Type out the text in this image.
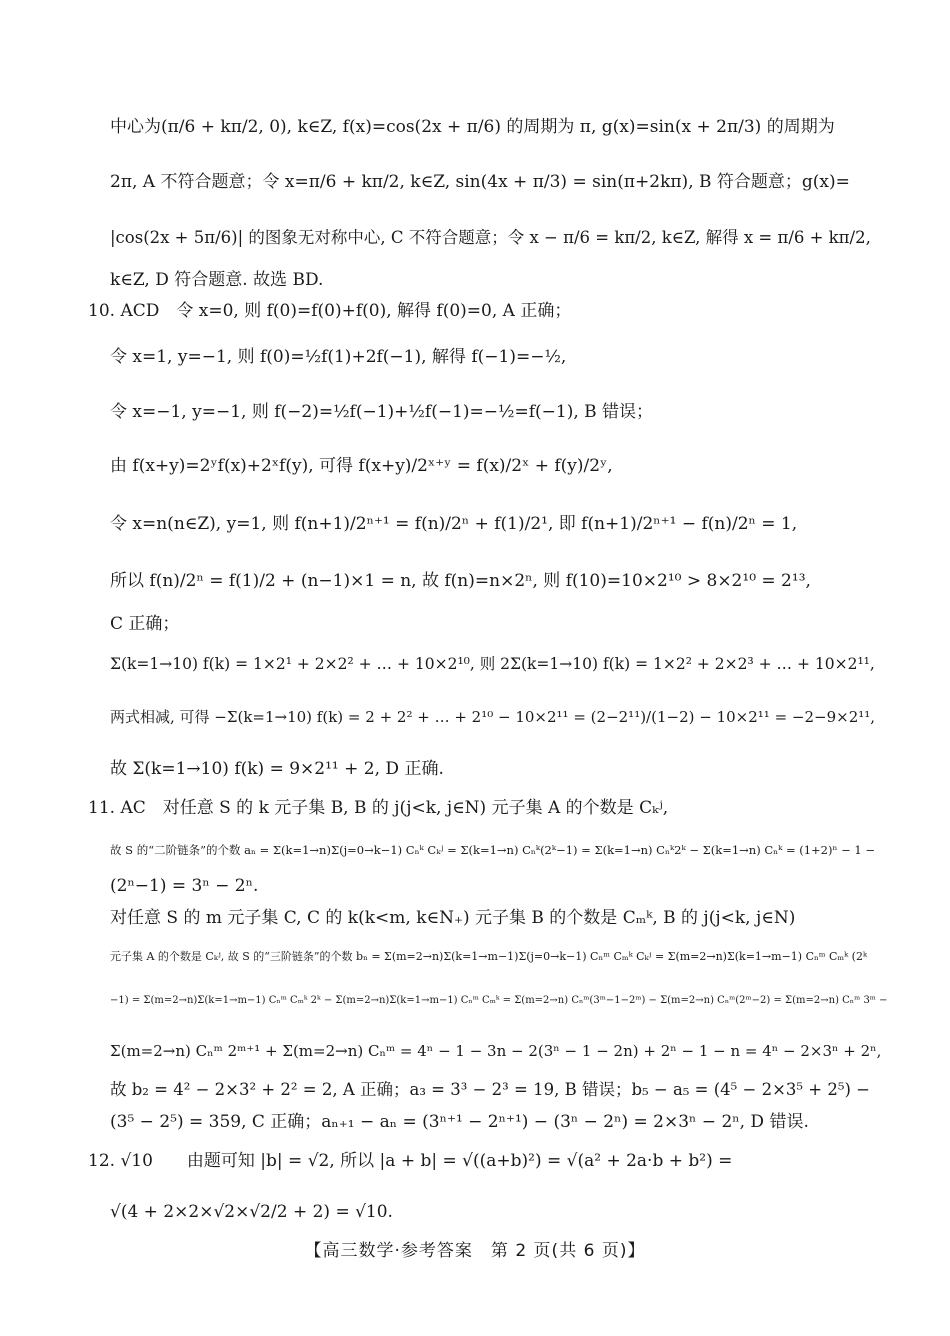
中心为(π/6 + kπ/2, 0), k∈Z, f(x)=cos(2x + π/6) 的周期为 π, g(x)=sin(x + 2π/3) 的周期为
2π, A 不符合题意；令 x=π/6 + kπ/2, k∈Z, sin(4x + π/3) = sin(π+2kπ), B 符合题意；g(x)=
|cos(2x + 5π/6)| 的图象无对称中心, C 不符合题意；令 x − π/6 = kπ/2, k∈Z, 解得 x = π/6 + kπ/2,
k∈Z, D 符合题意. 故选 BD.
10. ACD　令 x=0, 则 f(0)=f(0)+f(0), 解得 f(0)=0, A 正确；
令 x=1, y=−1, 则 f(0)=½f(1)+2f(−1), 解得 f(−1)=−½,
令 x=−1, y=−1, 则 f(−2)=½f(−1)+½f(−1)=−½=f(−1), B 错误；
由 f(x+y)=2ʸf(x)+2ˣf(y), 可得 f(x+y)/2ˣ⁺ʸ = f(x)/2ˣ + f(y)/2ʸ,
令 x=n(n∈Z), y=1, 则 f(n+1)/2ⁿ⁺¹ = f(n)/2ⁿ + f(1)/2¹, 即 f(n+1)/2ⁿ⁺¹ − f(n)/2ⁿ = 1,
所以 f(n)/2ⁿ = f(1)/2 + (n−1)×1 = n, 故 f(n)=n×2ⁿ, 则 f(10)=10×2¹⁰ > 8×2¹⁰ = 2¹³,
C 正确；
Σ(k=1→10) f(k) = 1×2¹ + 2×2² + … + 10×2¹⁰, 则 2Σ(k=1→10) f(k) = 1×2² + 2×2³ + … + 10×2¹¹,
两式相减, 可得 −Σ(k=1→10) f(k) = 2 + 2² + … + 2¹⁰ − 10×2¹¹ = (2−2¹¹)/(1−2) − 10×2¹¹ = −2−9×2¹¹,
故 Σ(k=1→10) f(k) = 9×2¹¹ + 2, D 正确.
11. AC　对任意 S 的 k 元子集 B, B 的 j(j<k, j∈N) 元子集 A 的个数是 Cₖʲ,
故 S 的“二阶链条”的个数 aₙ = Σ(k=1→n)Σ(j=0→k−1) Cₙᵏ Cₖʲ = Σ(k=1→n) Cₙᵏ(2ᵏ−1) = Σ(k=1→n) Cₙᵏ2ᵏ − Σ(k=1→n) Cₙᵏ = (1+2)ⁿ − 1 −
(2ⁿ−1) = 3ⁿ − 2ⁿ.
对任意 S 的 m 元子集 C, C 的 k(k<m, k∈N₊) 元子集 B 的个数是 Cₘᵏ, B 的 j(j<k, j∈N)
元子集 A 的个数是 Cₖʲ, 故 S 的“三阶链条”的个数 bₙ = Σ(m=2→n)Σ(k=1→m−1)Σ(j=0→k−1) Cₙᵐ Cₘᵏ Cₖʲ = Σ(m=2→n)Σ(k=1→m−1) Cₙᵐ Cₘᵏ (2ᵏ
−1) = Σ(m=2→n)Σ(k=1→m−1) Cₙᵐ Cₘᵏ 2ᵏ − Σ(m=2→n)Σ(k=1→m−1) Cₙᵐ Cₘᵏ = Σ(m=2→n) Cₙᵐ(3ᵐ−1−2ᵐ) − Σ(m=2→n) Cₙᵐ(2ᵐ−2) = Σ(m=2→n) Cₙᵐ 3ᵐ −
Σ(m=2→n) Cₙᵐ 2ᵐ⁺¹ + Σ(m=2→n) Cₙᵐ = 4ⁿ − 1 − 3n − 2(3ⁿ − 1 − 2n) + 2ⁿ − 1 − n = 4ⁿ − 2×3ⁿ + 2ⁿ,
故 b₂ = 4² − 2×3² + 2² = 2, A 正确；a₃ = 3³ − 2³ = 19, B 错误；b₅ − a₅ = (4⁵ − 2×3⁵ + 2⁵) −
(3⁵ − 2⁵) = 359, C 正确；aₙ₊₁ − aₙ = (3ⁿ⁺¹ − 2ⁿ⁺¹) − (3ⁿ − 2ⁿ) = 2×3ⁿ − 2ⁿ, D 错误.
12. √10　　由题可知 |b| = √2, 所以 |a + b| = √((a+b)²) = √(a² + 2a·b + b²) =
√(4 + 2×2×√2×√2/2 + 2) = √10.
【高三数学·参考答案　第 2 页(共 6 页)】
